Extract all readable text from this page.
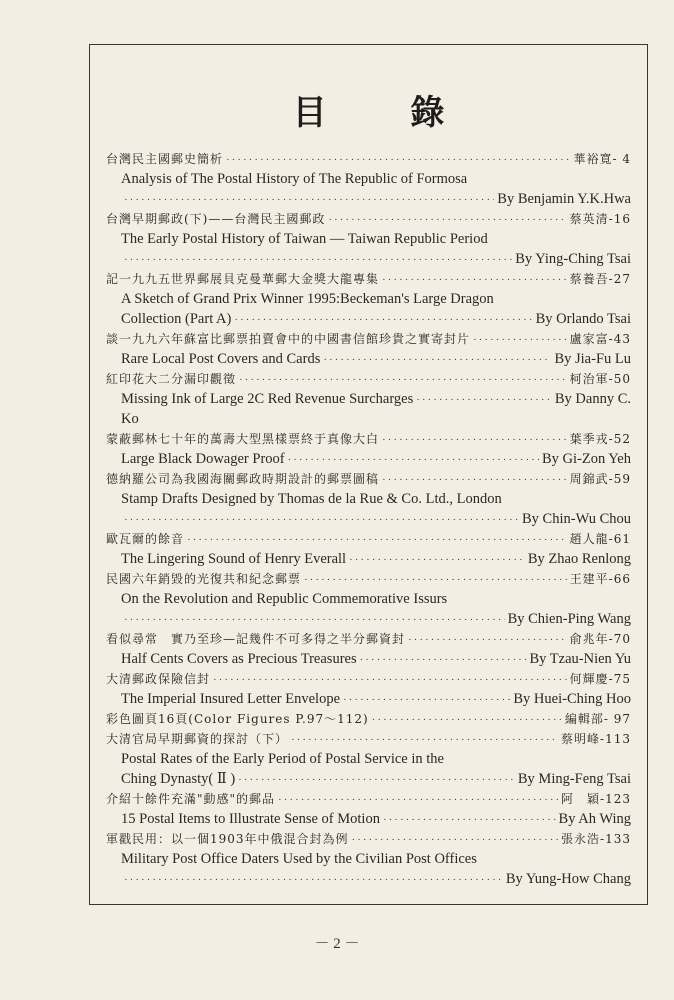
目 錄
台灣民主國郵史簡析 ·····	華裕寬- 4
Analysis of The Postal History of The Republic of Formosa
·····
By Benjamin Y.K.Hwa
台灣早期郵政(下)——台灣民主國郵政 ·····	蔡英清-16
The Early Postal History of Taiwan — Taiwan Republic Period
·····
By Ying-Ching Tsai
記一九九五世界郵展貝克曼華郵大金獎大龍專集 ·····	蔡養吾-27
A Sketch of Grand Prix Winner 1995:Beckeman's Large Dragon
Collection (Part A) ·····	By Orlando Tsai
談一九九六年蘇富比郵票拍賣會中的中國書信館珍貴之實寄封片 ·····	盧家富-43
Rare Local Post Covers and Cards ·····	By Jia-Fu Lu
紅印花大二分漏印觀徵 ·····	柯治軍-50
Missing Ink of Large 2C Red Revenue Surcharges ·····	By Danny C.
Ko
蒙蔽郵林七十年的萬壽大型黑樣票終于真像大白 ·····	葉季戎-52
Large Black Dowager Proof ·····	By Gi-Zon Yeh
德納羅公司為我國海關郵政時期設計的郵票圖稿 ·····	周錦武-59
Stamp Drafts Designed by Thomas de la Rue & Co. Ltd., London
·····
By Chin-Wu Chou
歐瓦爾的餘音 ·····	趙人龍-61
The Lingering Sound of Henry Everall ·····	By Zhao Renlong
民國六年銷毀的光復共和紀念郵票 ·····	王建平-66
On the Revolution and Republic Commemorative Issurs
·····
By Chien-Ping Wang
看似尋常　實乃至珍—記幾件不可多得之半分郵資封 ·····	俞兆年-70
Half Cents Covers as Precious Treasures ·····	By Tzau-Nien Yu
大清郵政保險信封 ·····	何輝慶-75
The Imperial Insured Letter Envelope ·····	By Huei-Ching Hoo
彩色圖頁16頁(Color Figures P.97～112) ·····	編輯部- 97
大清官局早期郵資的探討（下） ·····	蔡明峰-113
Postal Rates of the Early Period of Postal Service in the
Ching Dynasty( Ⅱ ) ·····	By Ming-Feng Tsai
介紹十餘件充滿"動感"的郵品 ·····	阿　穎-123
15 Postal Items to Illustrate Sense of Motion ·····	By Ah Wing
軍戳民用：以一個1903年中俄混合封為例 ·····	張永浩-133
Military Post Office Daters Used by the Civilian Post Offices
·····
By Yung-How Chang
－ 2 －
